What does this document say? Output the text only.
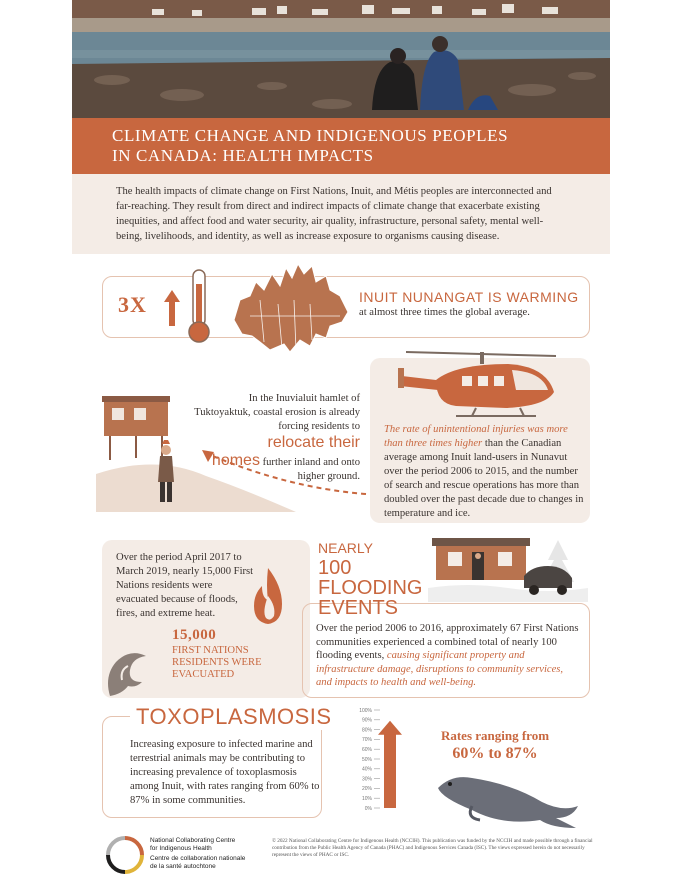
CLIMATE CHANGE AND INDIGENOUS PEOPLES
IN CANADA: HEALTH IMPACTS
The health impacts of climate change on First Nations, Inuit, and Métis peoples are interconnected and far-reaching. They result from direct and indirect impacts of climate change that exacerbate existing inequities, and affect food and water security, air quality, infrastructure, personal safety, mental well-being, livelihoods, and identity, as well as increase exposure to organisms causing disease.
3X	INUIT NUNANGAT IS WARMING
at almost three times the global average.
In the Inuvialuit hamlet of Tuktoyaktuk, coastal erosion is already forcing residents to
relocate their
homes further inland and onto higher ground.
The rate of unintentional injuries was more than three times higher than the Canadian average among Inuit land-users in Nunavut over the period 2006 to 2015, and the number of search and rescue operations has more than doubled over the past decade due to changes in temperature and ice.
Over the period April 2017 to March 2019, nearly 15,000 First Nations residents were evacuated because of floods, fires, and extreme heat.
15,000
FIRST NATIONS RESIDENTS WERE EVACUATED
NEARLY
100
FLOODING
EVENTS
Over the period 2006 to 2016, approximately 67 First Nations communities experienced a combined total of nearly 100 flooding events, causing significant property and infrastructure damage, disruptions to community services, and impacts to health and well-being.
TOXOPLASMOSIS
Increasing exposure to infected marine and terrestrial animals may be contributing to increasing prevalence of toxoplasmosis among Inuit, with rates ranging from 60% to 87% in some communities.
100%
90%
80%
70%
60%
50%
40%
30%
20%
10%
0%
Rates ranging from
60% to 87%
National Collaborating Centre
for Indigenous Health
Centre de collaboration nationale
de la santé autochtone
© 2022 National Collaborating Centre for Indigenous Health (NCCIH). This publication was funded by the NCCIH and made possible through a financial contribution from the Public Health Agency of Canada (PHAC) and Indigenous Services Canada (ISC). The views expressed herein do not necessarily represent the views of PHAC or ISC.
